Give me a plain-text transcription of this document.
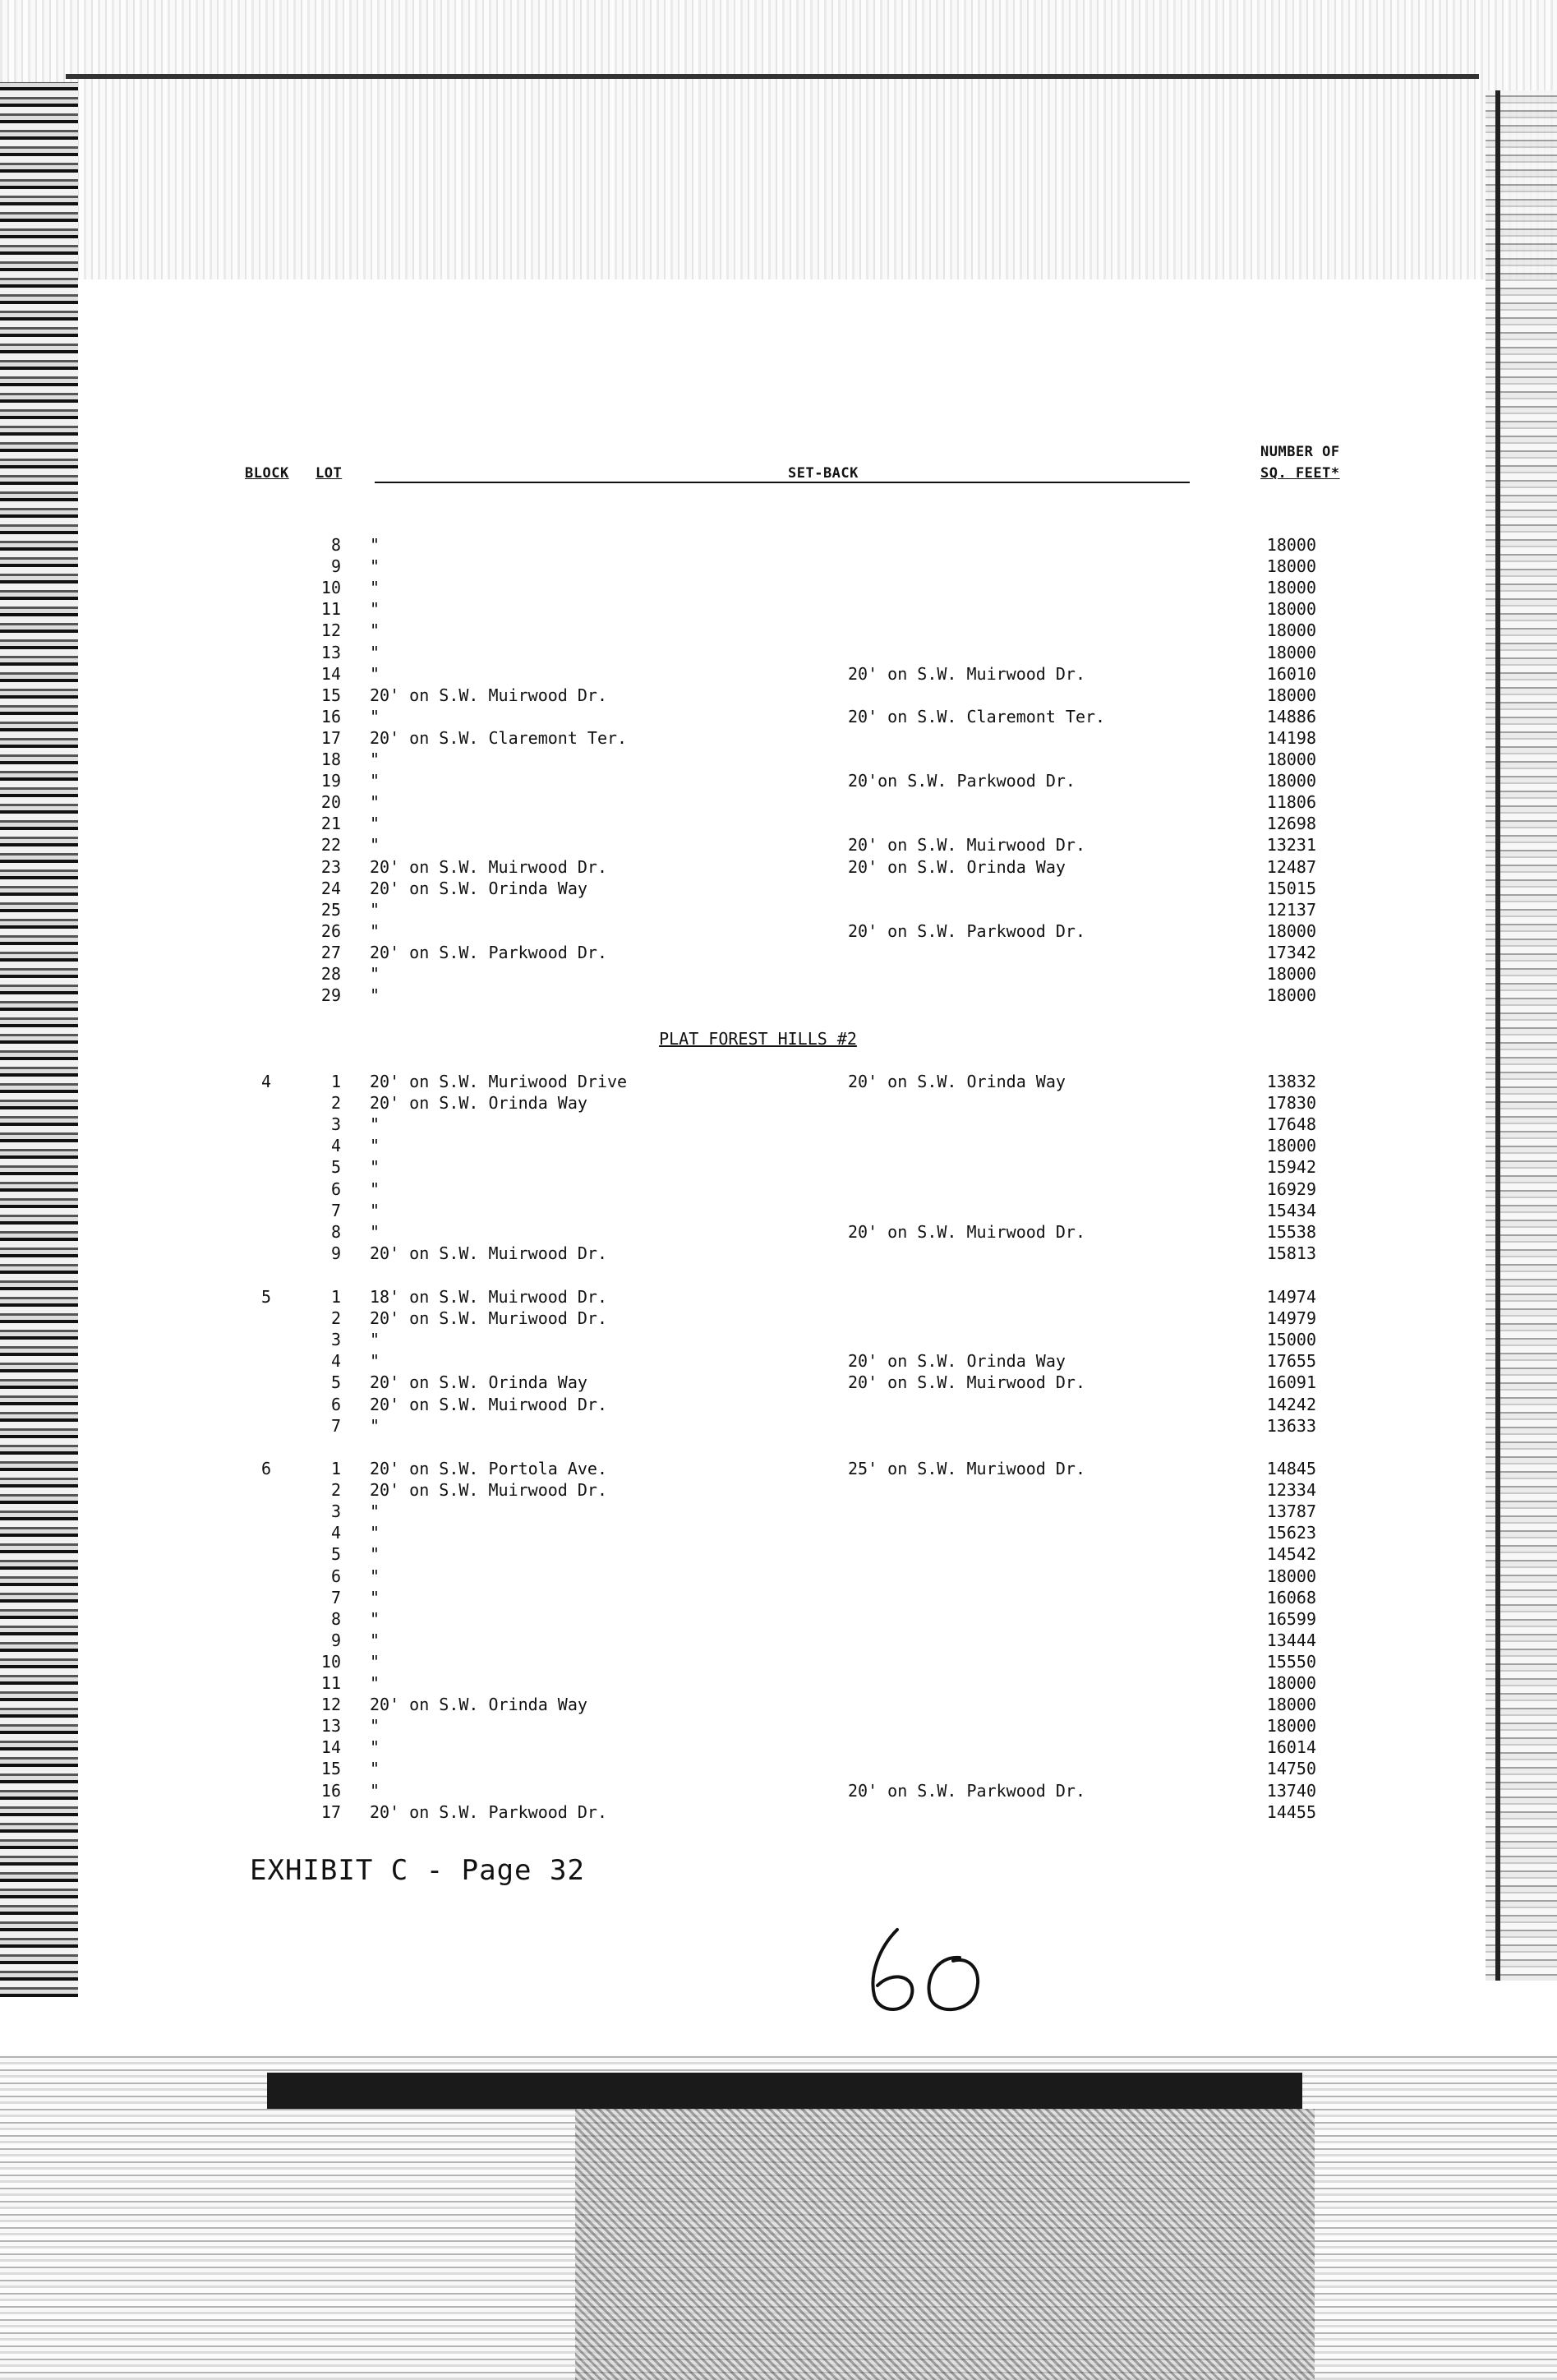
BLOCK LOT	SET-BACK
NUMBER OF
SQ. FEET*
8 "	18000
9 "	18000
10 "	18000
11 "	18000
12 "	18000
13 "	18000
14 "	20' on S.W. Muirwood Dr.	16010
15 20' on S.W. Muirwood Dr.	18000
16 "	20' on S.W. Claremont Ter.	14886
17 20' on S.W. Claremont Ter.	14198
18 "	18000
19 "	20'on S.W. Parkwood Dr.	18000
20 "	11806
21 "	12698
22 "	20' on S.W. Muirwood Dr.	13231
23 20' on S.W. Muirwood Dr.	20' on S.W. Orinda Way	12487
24 20' on S.W. Orinda Way	15015
25 "	12137
26 "	20' on S.W. Parkwood Dr.	18000
27 20' on S.W. Parkwood Dr.	17342
28 "	18000
29 "	18000
PLAT FOREST HILLS #2
4	1 20' on S.W. Muriwood Drive	20' on S.W. Orinda Way	13832
2 20' on S.W. Orinda Way	17830
3 "	17648
4 "	18000
5 "	15942
6 "	16929
7 "	15434
8 "	20' on S.W. Muirwood Dr.	15538
9 20' on S.W. Muirwood Dr.	15813
5	1 18' on S.W. Muirwood Dr.	14974
2 20' on S.W. Muriwood Dr.	14979
3 "	15000
4 "	20' on S.W. Orinda Way	17655
5 20' on S.W. Orinda Way	20' on S.W. Muirwood Dr.	16091
6 20' on S.W. Muirwood Dr.	14242
7 "	13633
6	1 20' on S.W. Portola Ave.	25' on S.W. Muriwood Dr.	14845
2 20' on S.W. Muirwood Dr.	12334
3 "	13787
4 "	15623
5 "	14542
6 "	18000
7 "	16068
8 "	16599
9 "	13444
10 "	15550
11 "	18000
12 20' on S.W. Orinda Way	18000
13 "	18000
14 "	16014
15 "	14750
16 "	20' on S.W. Parkwood Dr.	13740
17 20' on S.W. Parkwood Dr.	14455
EXHIBIT C - Page 32
